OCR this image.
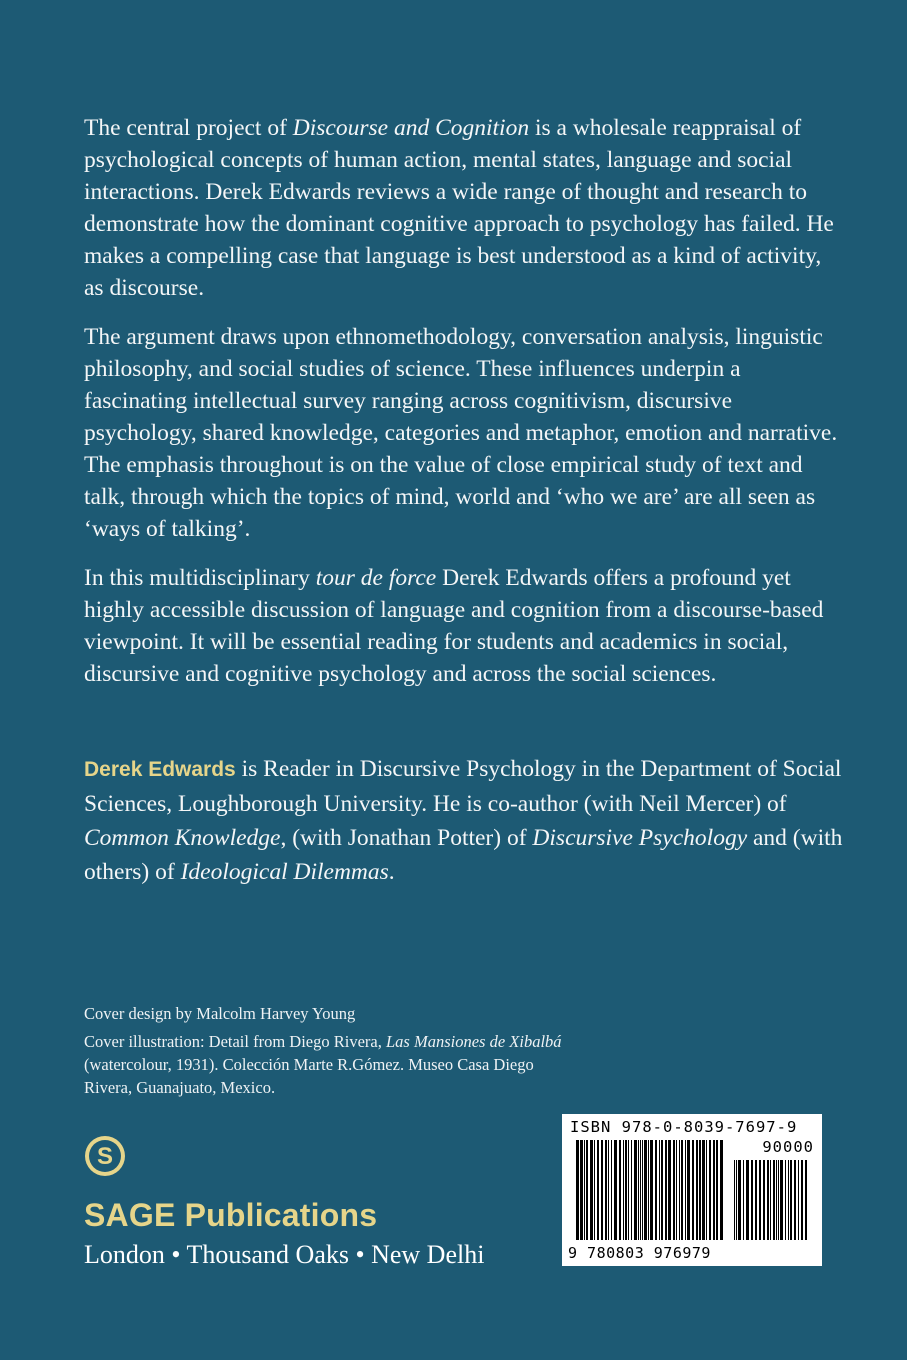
The central project of Discourse and Cognition is a wholesale reappraisal of psychological concepts of human action, mental states, language and social interactions. Derek Edwards reviews a wide range of thought and research to demonstrate how the dominant cognitive approach to psychology has failed. He makes a compelling case that language is best understood as a kind of activity, as discourse.

The argument draws upon ethnomethodology, conversation analysis, linguistic philosophy, and social studies of science. These influences underpin a fascinating intellectual survey ranging across cognitivism, discursive psychology, shared knowledge, categories and metaphor, emotion and narrative. The emphasis throughout is on the value of close empirical study of text and talk, through which the topics of mind, world and ‘who we are’ are all seen as ‘ways of talking’.

In this multidisciplinary tour de force Derek Edwards offers a profound yet highly accessible discussion of language and cognition from a discourse-based viewpoint. It will be essential reading for students and academics in social, discursive and cognitive psychology and across the social sciences.

Derek Edwards is Reader in Discursive Psychology in the Department of Social Sciences, Loughborough University. He is co-author (with Neil Mercer) of Common Knowledge, (with Jonathan Potter) of Discursive Psychology and (with others) of Ideological Dilemmas.

Cover design by Malcolm Harvey Young

Cover illustration: Detail from Diego Rivera, Las Mansiones de Xibalbá (watercolour, 1931). Colección Marte R.Gómez. Museo Casa Diego Rivera, Guanajuato, Mexico.

S
SAGE Publications
London • Thousand Oaks • New Delhi
ISBN 978-0-8039-7697-9
90000
9 780803 976979
